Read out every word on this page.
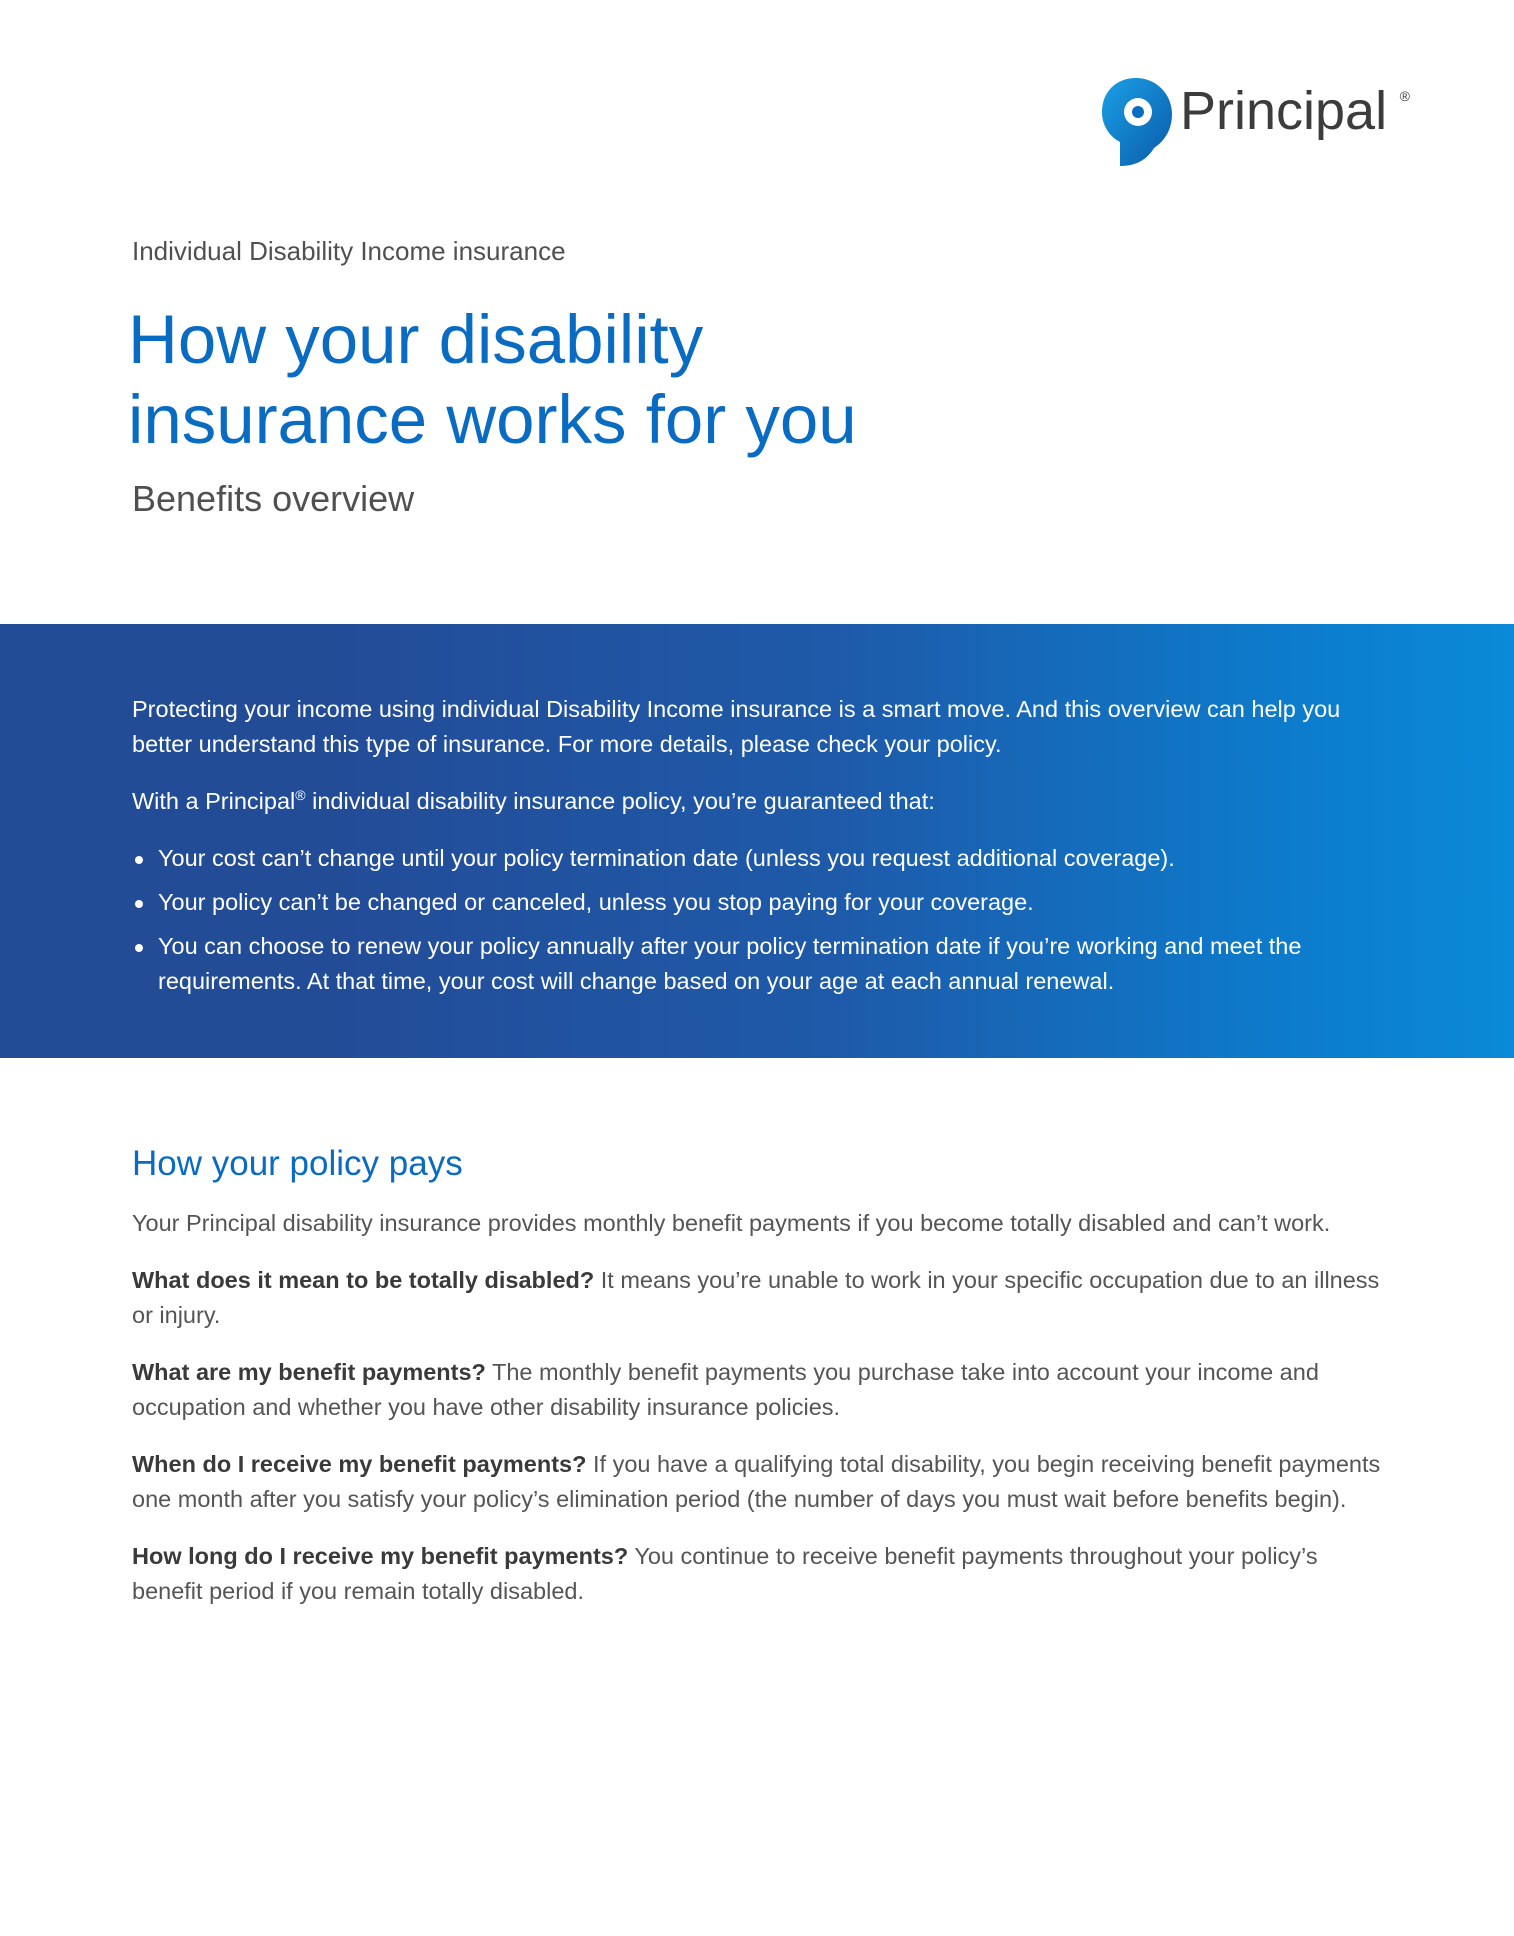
Principal ®

Individual Disability Income insurance

How your disability
insurance works for you
Benefits overview

Protecting your income using individual Disability Income insurance is a smart move. And this overview can help you better understand this type of insurance. For more details, please check your policy.

With a Principal® individual disability insurance policy, you’re guaranteed that:

Your cost can’t change until your policy termination date (unless you request additional coverage).
Your policy can’t be changed or canceled, unless you stop paying for your coverage.
You can choose to renew your policy annually after your policy termination date if you’re working and meet the requirements. At that time, your cost will change based on your age at each annual renewal.
How your policy pays

Your Principal disability insurance provides monthly benefit payments if you become totally disabled and can’t work.

What does it mean to be totally disabled? It means you’re unable to work in your specific occupation due to an illness or injury.

What are my benefit payments? The monthly benefit payments you purchase take into account your income and occupation and whether you have other disability insurance policies.

When do I receive my benefit payments? If you have a qualifying total disability, you begin receiving benefit payments one month after you satisfy your policy’s elimination period (the number of days you must wait before benefits begin).

How long do I receive my benefit payments? You continue to receive benefit payments throughout your policy’s benefit period if you remain totally disabled.
